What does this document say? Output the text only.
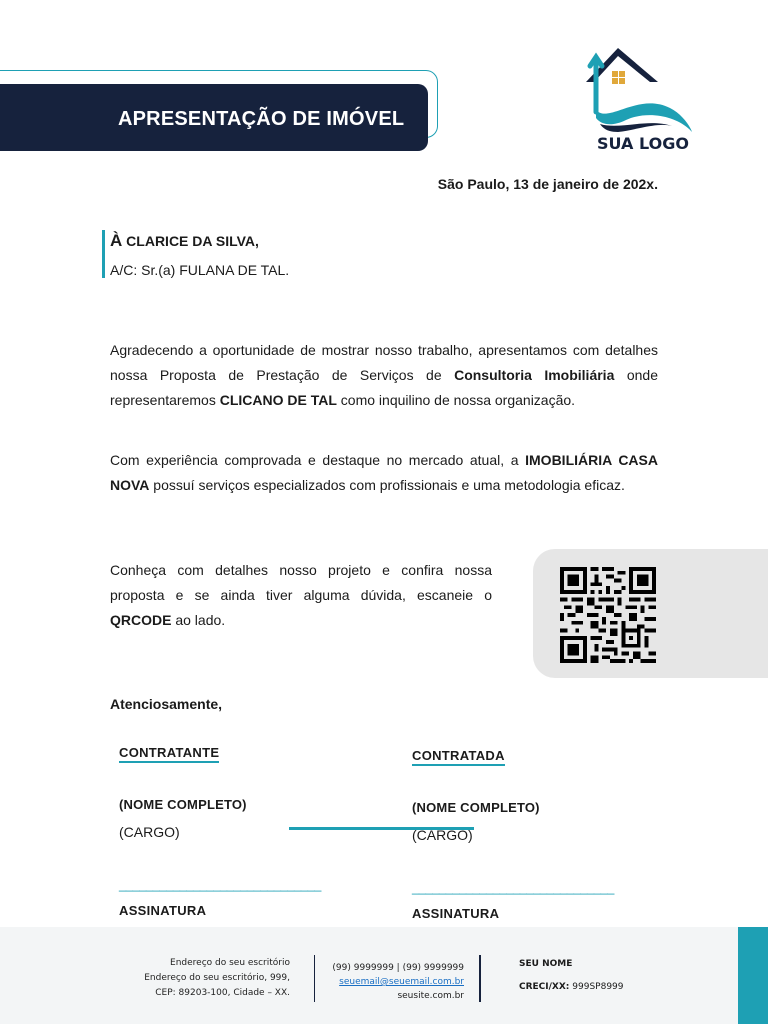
APRESENTAÇÃO DE IMÓVEL
SUA LOGO
São Paulo, 13 de janeiro de 202x.
À CLARICE DA SILVA,
A/C: Sr.(a) FULANA DE TAL.
Agradecendo a oportunidade de mostrar nosso trabalho, apresentamos com detalhes nossa Proposta de Prestação de Serviços de Consultoria Imobiliária onde representaremos CLICANO DE TAL como inquilino de nossa organização.
Com experiência comprovada e destaque no mercado atual, a IMOBILIÁRIA CASA NOVA possuí serviços especializados com profissionais e uma metodologia eficaz.
Conheça com detalhes nosso projeto e confira nossa proposta e se ainda tiver alguma dúvida, escaneie o QRCODE ao lado.
Atenciosamente,
CONTRATANTE
(NOME COMPLETO)
(CARGO)
______________________________
ASSINATURA
CONTRATADA
(NOME COMPLETO)
(CARGO)
______________________________
ASSINATURA
Endereço do seu escritório
Endereço do seu escritório, 999,
CEP: 89203-100, Cidade – XX.
(99) 9999999 | (99) 9999999
seuemail@seuemail.com.br
seusite.com.br
SEU NOME
CRECI/XX: 999SP8999
